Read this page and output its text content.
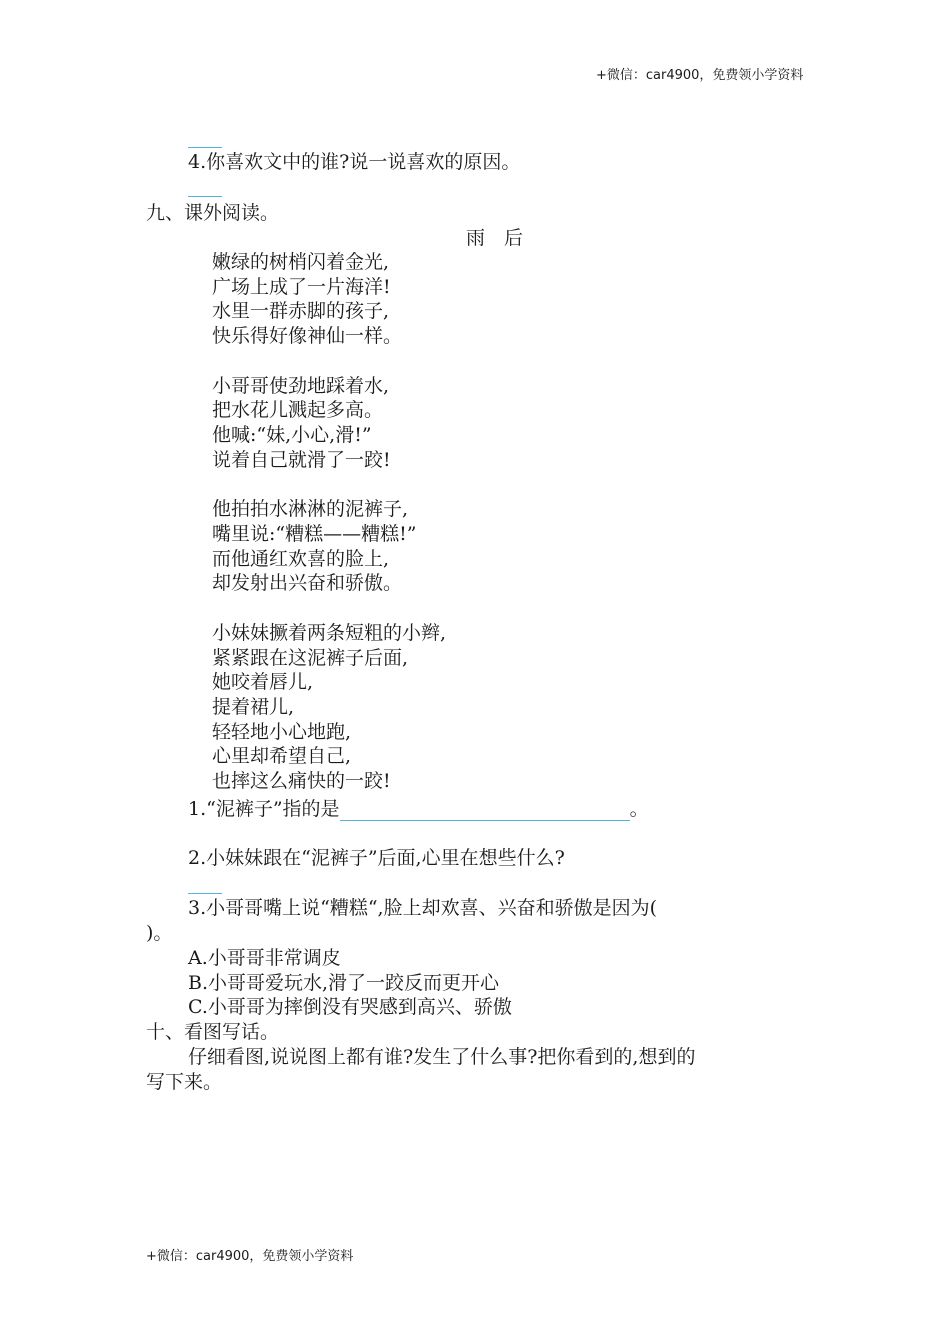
+微信：car4900，免费领小学资料
4.你喜欢文中的谁?说一说喜欢的原因。
九、课外阅读。
雨　后
嫩绿的树梢闪着金光,
广场上成了一片海洋!
水里一群赤脚的孩子,
快乐得好像神仙一样。
小哥哥使劲地踩着水,
把水花儿溅起多高。
他喊:“妹,小心,滑!”
说着自己就滑了一跤!
他拍拍水淋淋的泥裤子,
嘴里说:“糟糕——糟糕!”
而他通红欢喜的脸上,
却发射出兴奋和骄傲。
小妹妹撅着两条短粗的小辫,
紧紧跟在这泥裤子后面,
她咬着唇儿,
提着裙儿,
轻轻地小心地跑,
心里却希望自己,
也摔这么痛快的一跤!
1.“泥裤子”指的是	。
2.小妹妹跟在“泥裤子”后面,心里在想些什么?
3.小哥哥嘴上说“糟糕“,脸上却欢喜、兴奋和骄傲是因为(
)。
A.小哥哥非常调皮
B.小哥哥爱玩水,滑了一跤反而更开心
C.小哥哥为摔倒没有哭感到高兴、骄傲
十、看图写话。
仔细看图,说说图上都有谁?发生了什么事?把你看到的,想到的
写下来。
+微信：car4900，免费领小学资料
